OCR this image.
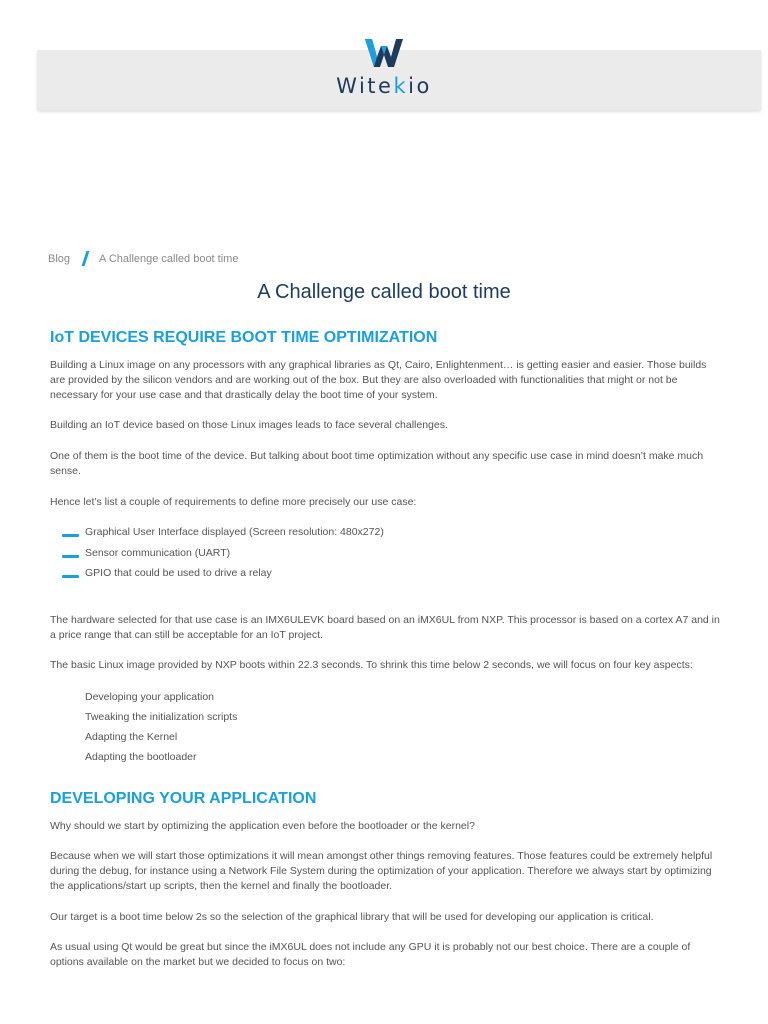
Witekio
Blog	A Challenge called boot time
A Challenge called boot time
IoT DEVICES REQUIRE BOOT TIME OPTIMIZATION

Building a Linux image on any processors with any graphical libraries as Qt, Cairo, Enlightenment… is getting easier and easier. Those builds are provided by the silicon vendors and are working out of the box. But they are also overloaded with functionalities that might or not be necessary for your use case and that drastically delay the boot time of your system.

Building an IoT device based on those Linux images leads to face several challenges.

One of them is the boot time of the device. But talking about boot time optimization without any specific use case in mind doesn’t make much sense.

Hence let’s list a couple of requirements to define more precisely our use case:

Graphical User Interface displayed (Screen resolution: 480x272)
Sensor communication (UART)
GPIO that could be used to drive a relay

The hardware selected for that use case is an IMX6ULEVK board based on an iMX6UL from NXP. This processor is based on a cortex A7 and in a price range that can still be acceptable for an IoT project.

The basic Linux image provided by NXP boots within 22.3 seconds. To shrink this time below 2 seconds, we will focus on four key aspects:

Developing your application
Tweaking the initialization scripts
Adapting the Kernel
Adapting the bootloader
DEVELOPING YOUR APPLICATION

Why should we start by optimizing the application even before the bootloader or the kernel?

Because when we will start those optimizations it will mean amongst other things removing features. Those features could be extremely helpful during the debug, for instance using a Network File System during the optimization of your application. Therefore we always start by optimizing the applications/start up scripts, then the kernel and finally the bootloader.

Our target is a boot time below 2s so the selection of the graphical library that will be used for developing our application is critical.

As usual using Qt would be great but since the iMX6UL does not include any GPU it is probably not our best choice. There are a couple of options available on the market but we decided to focus on two:
